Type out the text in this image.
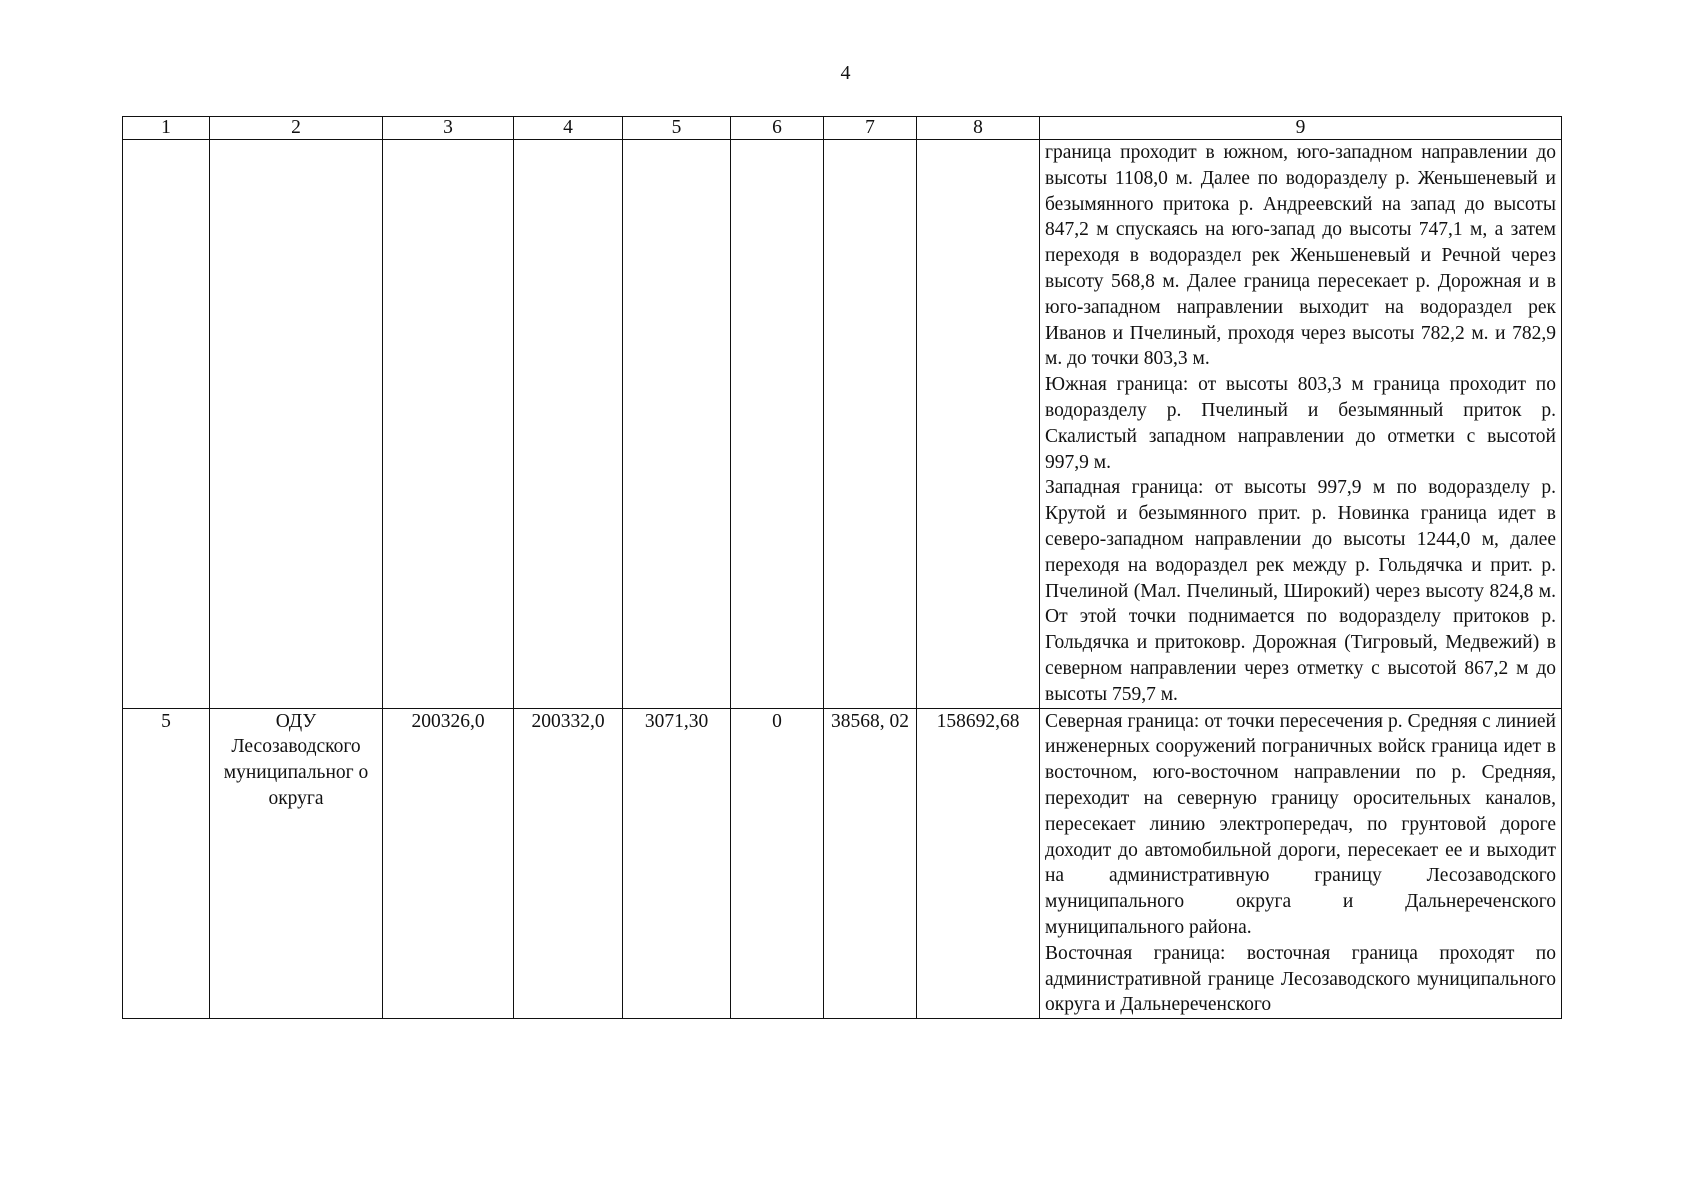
4
1	2	3	4	5	6	7	8	9

								граница проходит в южном, юго-западном направлении до высоты 1108,0 м. Далее по водоразделу р. Женьшеневый и безымянного притока р. Андреевский на запад до высоты 847,2 м спускаясь на юго-запад до высоты 747,1 м, а затем переходя в водораздел рек Женьшеневый и Речной через высоту 568,8 м. Далее граница пересекает р. Дорожная и в юго-западном направлении выходит на водораздел рек Иванов и Пчелиный, проходя через высоты 782,2 м. и 782,9 м. до точки 803,3 м.

Южная граница: от высоты 803,3 м граница проходит по водоразделу р. Пчелиный и безымянный приток р. Скалистый западном направлении до отметки с высотой 997,9 м.

Западная граница: от высоты 997,9 м по водоразделу р. Крутой и безымянного прит. р. Новинка граница идет в северо-западном направлении до высоты 1244,0 м, далее переходя на водораздел рек между р. Гольдячка и прит. р. Пчелиной (Мал. Пчелиный, Широкий) через высоту 824,8 м. От этой точки поднимается по водоразделу притоков р. Гольдячка и притоковр. Дорожная (Тигровый, Медвежий) в северном направлении через отметку с высотой 867,2 м до высоты 759,7 м.

5	ОДУ Лесозаводского муниципальног о округа	200326,0	200332,0	3071,30	0	38568, 02	158692,68	Северная граница: от точки пересечения р. Средняя с линией инженерных сооружений пограничных войск граница идет в восточном, юго-восточном направлении по р. Средняя, переходит на северную границу оросительных каналов, пересекает линию электропередач, по грунтовой дороге доходит до автомобильной дороги, пересекает ее и выходит на административную границу Лесозаводского муниципального округа и Дальнереченского муниципального района.

Восточная граница: восточная граница проходят по административной границе Лесозаводского муниципального округа и Дальнереченского
